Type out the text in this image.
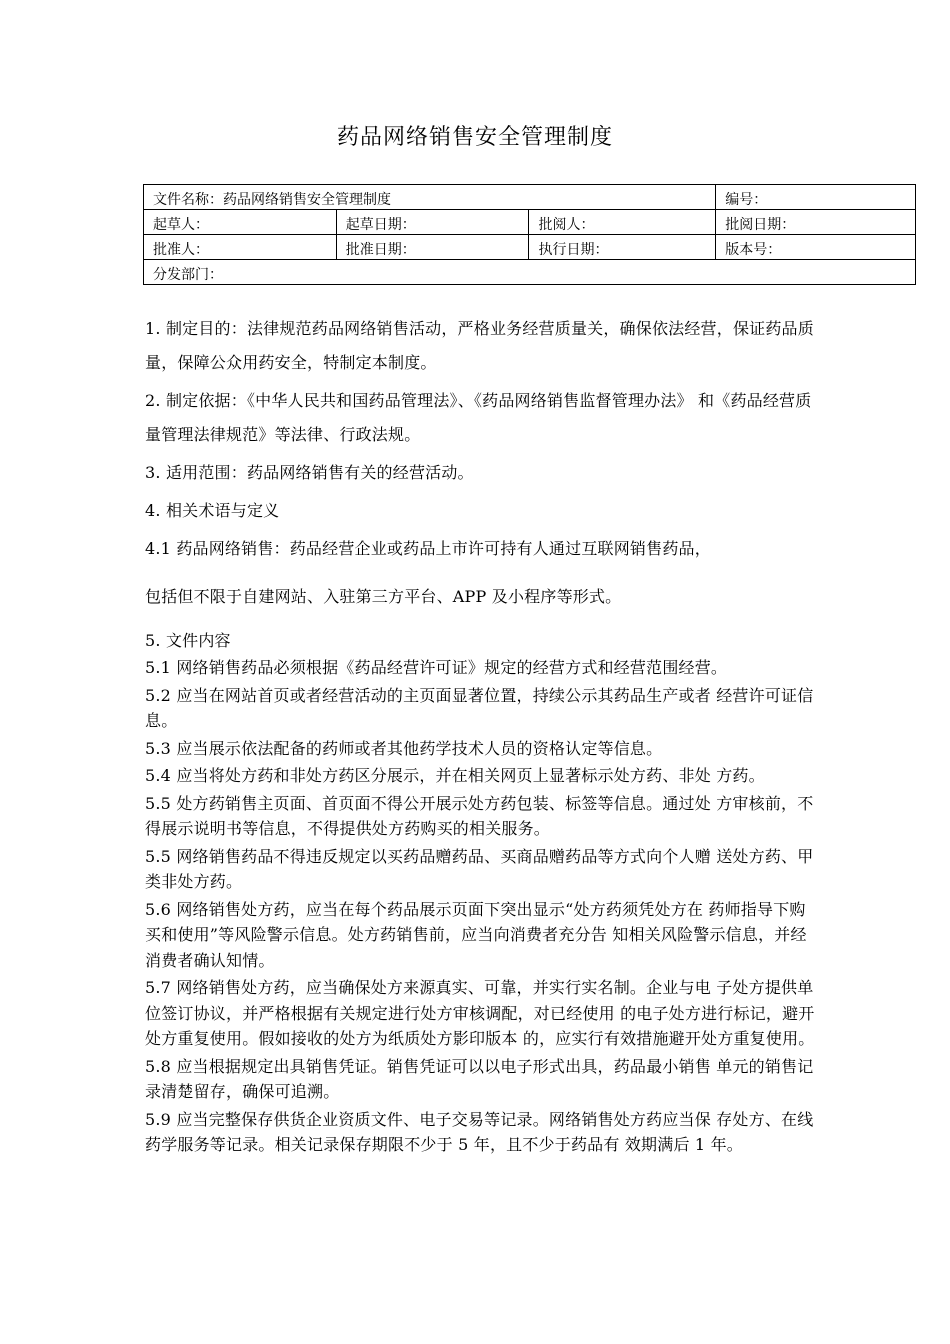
药品网络销售安全管理制度
文件名称：药品网络销售安全管理制度			编号：
起草人：	起草日期：	批阅人：	批阅日期：
批准人：	批准日期：	执行日期：	版本号：
分发部门：			

1. 制定目的：法律规范药品网络销售活动，严格业务经营质量关，确保依法经营，保证药品质量，保障公众用药安全，特制定本制度。

2. 制定依据：《中华人民共和国药品管理法》、《药品网络销售监督管理办法》 和《药品经营质量管理法律规范》等法律、行政法规。

3. 适用范围：药品网络销售有关的经营活动。

4. 相关术语与定义

4.1 药品网络销售：药品经营企业或药品上市许可持有人通过互联网销售药品，

包括但不限于自建网站、入驻第三方平台、APP 及小程序等形式。

5. 文件内容

5.1 网络销售药品必须根据《药品经营许可证》规定的经营方式和经营范围经营。

5.2 应当在网站首页或者经营活动的主页面显著位置，持续公示其药品生产或者 经营许可证信息。

5.3 应当展示依法配备的药师或者其他药学技术人员的资格认定等信息。

5.4 应当将处方药和非处方药区分展示，并在相关网页上显著标示处方药、非处 方药。

5.5 处方药销售主页面、首页面不得公开展示处方药包装、标签等信息。通过处 方审核前，不得展示说明书等信息，不得提供处方药购买的相关服务。

5.5 网络销售药品不得违反规定以买药品赠药品、买商品赠药品等方式向个人赠 送处方药、甲类非处方药。

5.6 网络销售处方药，应当在每个药品展示页面下突出显示“处方药须凭处方在 药师指导下购买和使用”等风险警示信息。处方药销售前，应当向消费者充分告 知相关风险警示信息，并经消费者确认知情。

5.7 网络销售处方药，应当确保处方来源真实、可靠，并实行实名制。企业与电 子处方提供单位签订协议，并严格根据有关规定进行处方审核调配，对已经使用 的电子处方进行标记，避开处方重复使用。假如接收的处方为纸质处方影印版本 的，应实行有效措施避开处方重复使用。

5.8 应当根据规定出具销售凭证。销售凭证可以以电子形式出具，药品最小销售 单元的销售记录清楚留存，确保可追溯。

5.9 应当完整保存供货企业资质文件、电子交易等记录。网络销售处方药应当保 存处方、在线药学服务等记录。相关记录保存期限不少于 5 年，且不少于药品有 效期满后 1 年。
